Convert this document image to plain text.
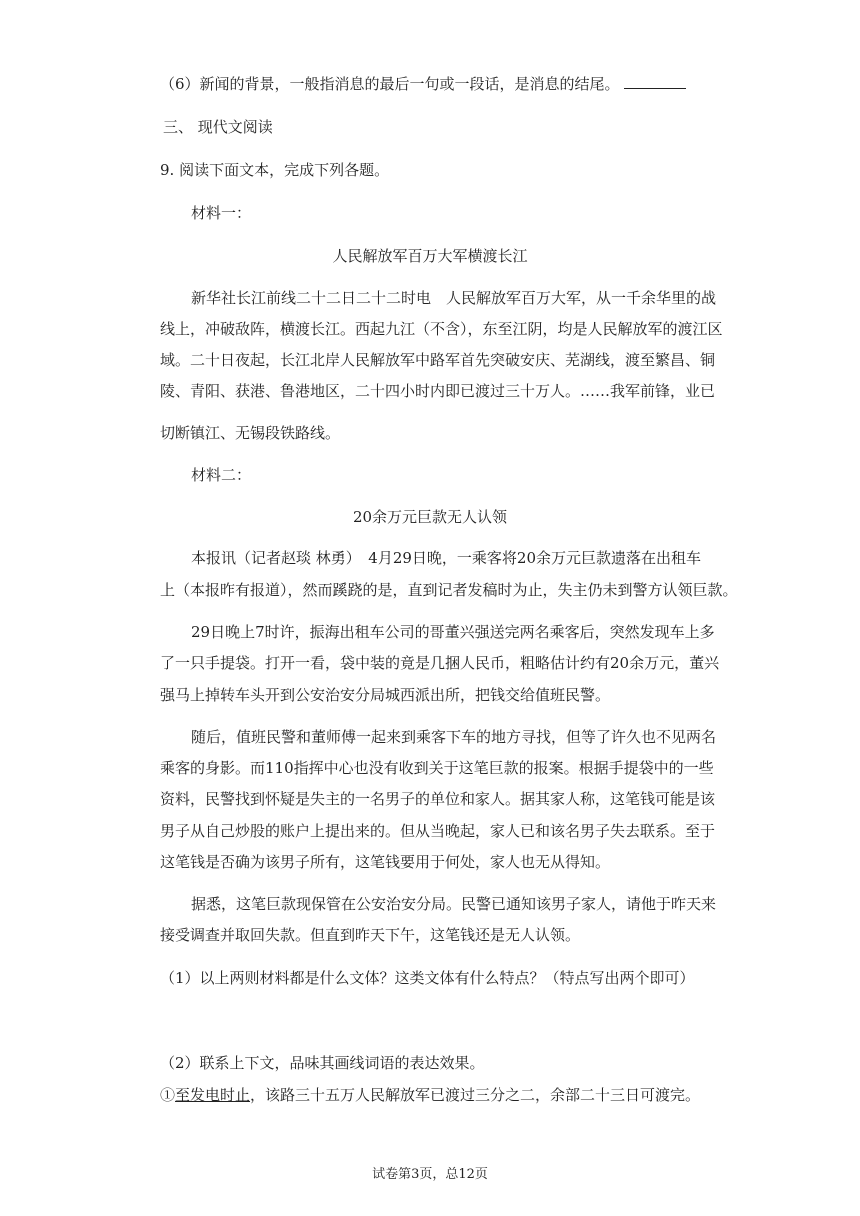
（6）新闻的背景，一般指消息的最后一句或一段话，是消息的结尾。
三、 现代文阅读
9. 阅读下面文本，完成下列各题。
材料一：
人民解放军百万大军横渡长江
新华社长江前线二十二日二十二时电　人民解放军百万大军，从一千余华里的战
线上，冲破敌阵，横渡长江。西起九江（不含），东至江阴，均是人民解放军的渡江区
域。二十日夜起，长江北岸人民解放军中路军首先突破安庆、芜湖线，渡至繁昌、铜
陵、青阳、获港、鲁港地区，二十四小时内即已渡过三十万人。……我军前锋，业已
切断镇江、无锡段铁路线。
材料二：
20余万元巨款无人认领
本报讯（记者赵琰 林勇）　4月29日晚，一乘客将20余万元巨款遗落在出租车
上（本报昨有报道），然而蹊跷的是，直到记者发稿时为止，失主仍未到警方认领巨款。
29日晚上7时许，振海出租车公司的哥董兴强送完两名乘客后，突然发现车上多
了一只手提袋。打开一看，袋中装的竟是几捆人民币，粗略估计约有20余万元，董兴
强马上掉转车头开到公安治安分局城西派出所，把钱交给值班民警。
随后，值班民警和董师傅一起来到乘客下车的地方寻找，但等了许久也不见两名
乘客的身影。而110指挥中心也没有收到关于这笔巨款的报案。根据手提袋中的一些
资料，民警找到怀疑是失主的一名男子的单位和家人。据其家人称，这笔钱可能是该
男子从自己炒股的账户上提出来的。但从当晚起，家人已和该名男子失去联系。至于
这笔钱是否确为该男子所有，这笔钱要用于何处，家人也无从得知。
据悉，这笔巨款现保管在公安治安分局。民警已通知该男子家人，请他于昨天来
接受调查并取回失款。但直到昨天下午，这笔钱还是无人认领。
（1）以上两则材料都是什么文体？这类文体有什么特点？（特点写出两个即可）
（2）联系上下文，品味其画线词语的表达效果。
①至发电时止，该路三十五万人民解放军已渡过三分之二，余部二十三日可渡完。
试卷第3页，总12页
